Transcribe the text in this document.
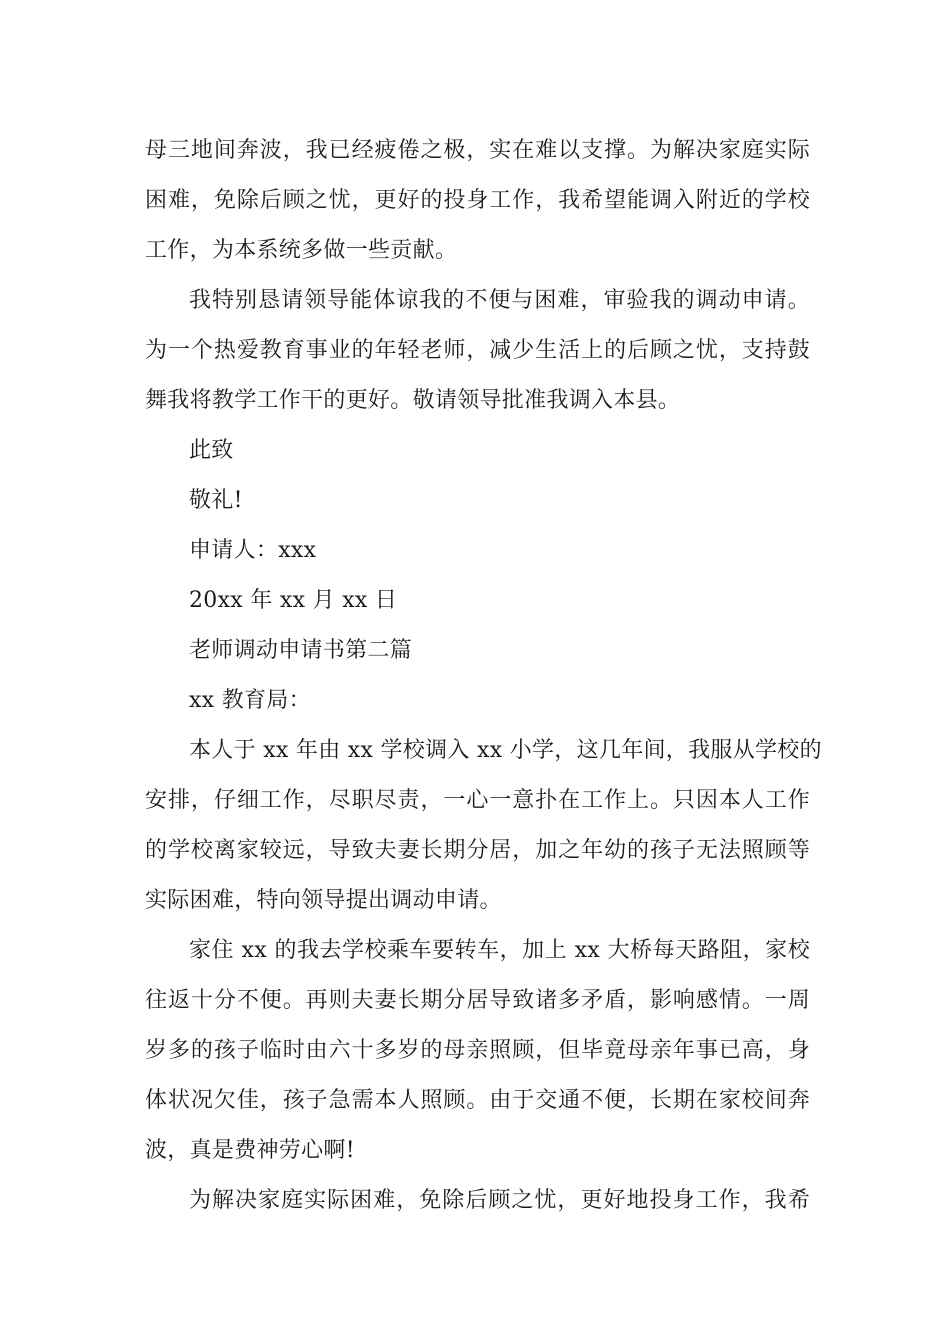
母三地间奔波，我已经疲倦之极，实在难以支撑。为解决家庭实际
困难，免除后顾之忧，更好的投身工作，我希望能调入附近的学校
工作，为本系统多做一些贡献。
我特别恳请领导能体谅我的不便与困难，审验我的调动申请。
为一个热爱教育事业的年轻老师，减少生活上的后顾之忧，支持鼓
舞我将教学工作干的更好。敬请领导批准我调入本县。
此致
敬礼!
申请人：xxx
20xx 年 xx 月 xx 日
老师调动申请书第二篇
xx 教育局：
本人于 xx 年由 xx 学校调入 xx 小学，这几年间，我服从学校的
安排，仔细工作，尽职尽责，一心一意扑在工作上。只因本人工作
的学校离家较远，导致夫妻长期分居，加之年幼的孩子无法照顾等
实际困难，特向领导提出调动申请。
家住 xx 的我去学校乘车要转车，加上 xx 大桥每天路阻，家校
往返十分不便。再则夫妻长期分居导致诸多矛盾，影响感情。一周
岁多的孩子临时由六十多岁的母亲照顾，但毕竟母亲年事已高，身
体状况欠佳，孩子急需本人照顾。由于交通不便，长期在家校间奔
波，真是费神劳心啊!
为解决家庭实际困难，免除后顾之忧，更好地投身工作，我希
